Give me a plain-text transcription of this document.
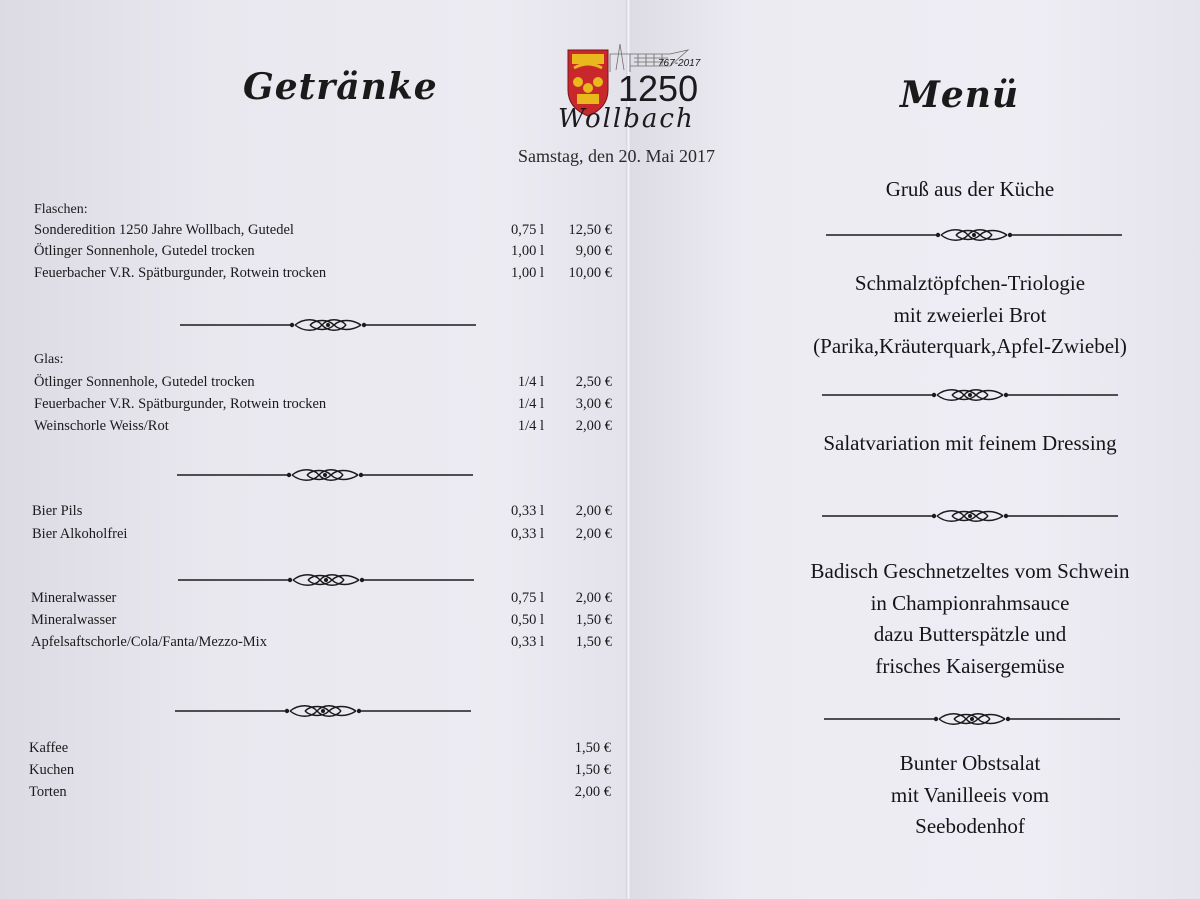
Getränke	Menü
767-2017
1250
Wollbach
Samstag, den 20. Mai 2017
Flaschen:
Sonderedition 1250 Jahre Wollbach, Gutedel	0,75 l	12,50 €
Ötlinger Sonnenhole, Gutedel trocken	1,00 l	9,00 €
Feuerbacher V.R. Spätburgunder, Rotwein trocken	1,00 l	10,00 €
Glas:
Ötlinger Sonnenhole, Gutedel trocken	1/4 l	2,50 €
Feuerbacher V.R. Spätburgunder, Rotwein trocken	1/4 l	3,00 €
Weinschorle Weiss/Rot	1/4 l	2,00 €
Bier Pils	0,33 l	2,00 €
Bier Alkoholfrei	0,33 l	2,00 €
Mineralwasser	0,75 l	2,00 €
Mineralwasser	0,50 l	1,50 €
Apfelsaftschorle/Cola/Fanta/Mezzo-Mix	0,33 l	1,50 €
Kaffee	1,50 €
Kuchen	1,50 €
Torten	2,00 €
Gruß aus der Küche
Schmalztöpfchen-Triologie
mit zweierlei Brot
(Parika,Kräuterquark,Apfel-Zwiebel)
Salatvariation mit feinem Dressing
Badisch Geschnetzeltes vom Schwein
in Championrahmsauce
dazu Butterspätzle und
frisches Kaisergemüse
Bunter Obstsalat
mit Vanilleeis vom
Seebodenhof
